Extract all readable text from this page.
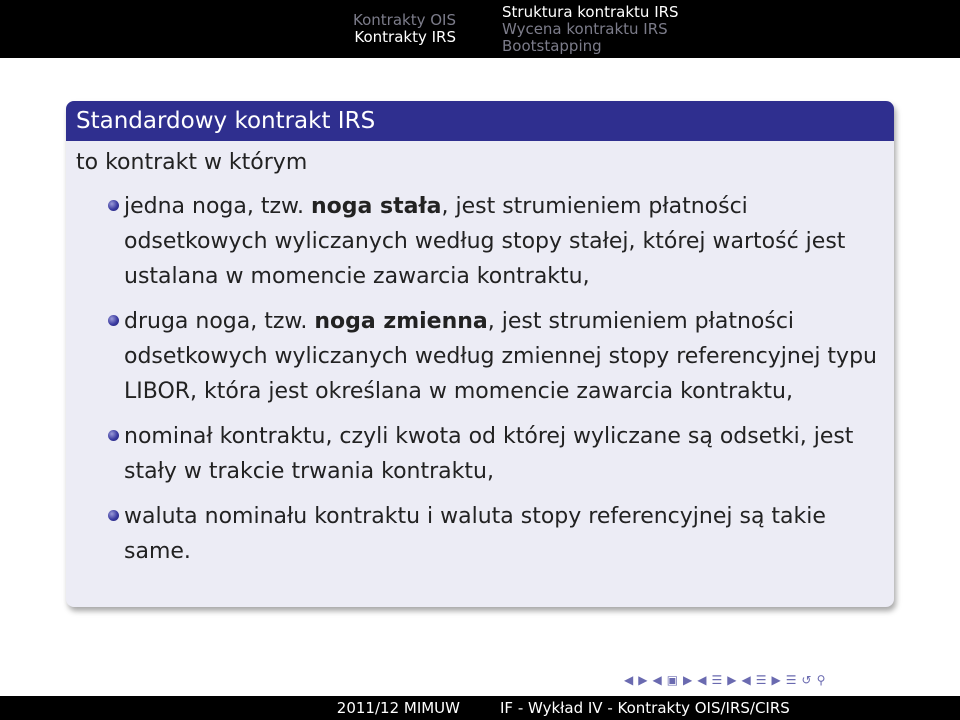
Kontrakty OIS
Kontrakty IRS
Struktura kontraktu IRS
Wycena kontraktu IRS
Bootstapping
Standardowy kontrakt IRS
to kontrakt w którym
jedna noga, tzw. noga stała, jest strumieniem płatności odsetkowych wyliczanych według stopy stałej, której wartość jest ustalana w momencie zawarcia kontraktu,
druga noga, tzw. noga zmienna, jest strumieniem płatności odsetkowych wyliczanych według zmiennej stopy referencyjnej typu LIBOR, która jest określana w momencie zawarcia kontraktu,
nominał kontraktu, czyli kwota od której wyliczane są odsetki, jest stały w trakcie trwania kontraktu,
waluta nominału kontraktu i waluta stopy referencyjnej są takie same.
◀ ▶ ◀ ▣ ▶ ◀ ☰ ▶ ◀ ☰ ▶ ☰ ↺ ⚲
2011/12 MIMUW	IF - Wykład IV - Kontrakty OIS/IRS/CIRS
